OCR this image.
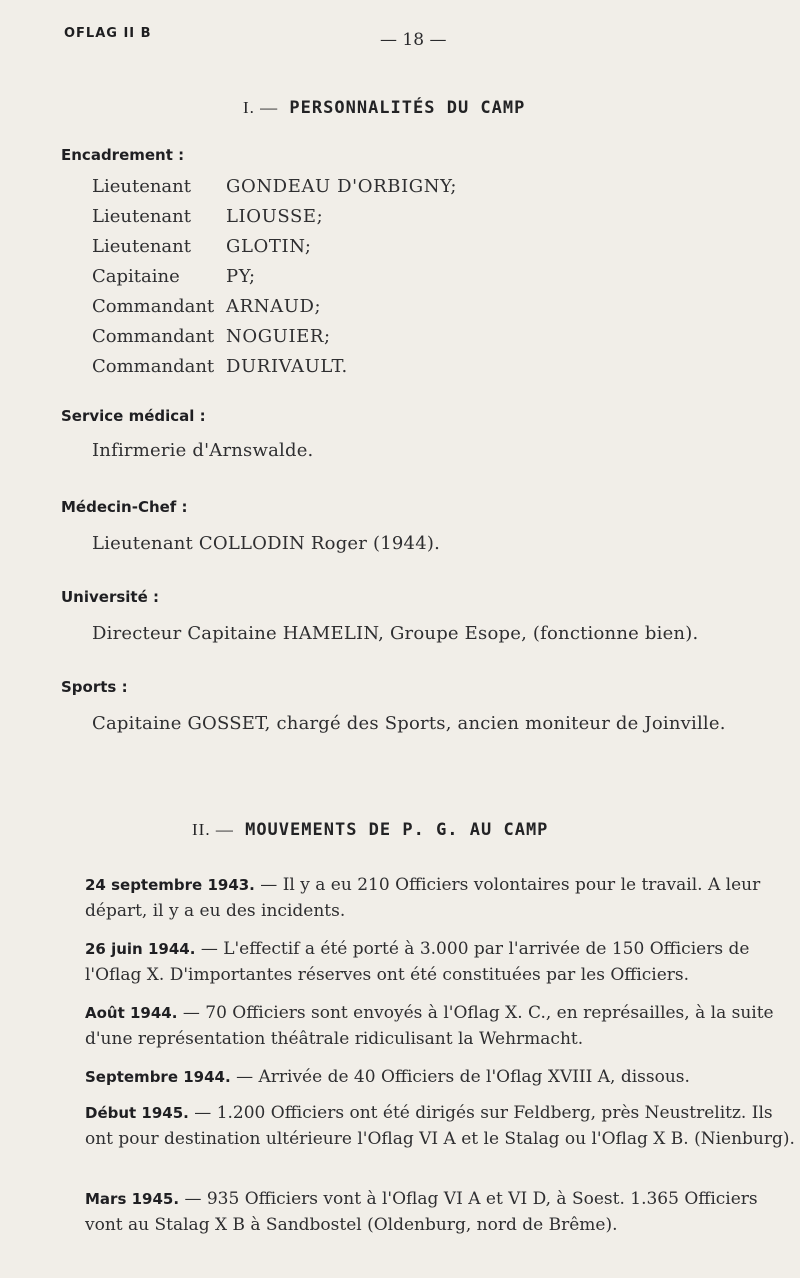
OFLAG II B	— 18 —
I. — PERSONNALITÉS DU CAMP
Encadrement :
Lieutenant GONDEAU D'ORBIGNY;
Lieutenant LIOUSSE;
Lieutenant GLOTIN;
Capitaine	PY;
Commandant ARNAUD;
Commandant NOGUIER;
Commandant DURIVAULT.
Service médical :
Infirmerie d'Arnswalde.
Médecin-Chef :
Lieutenant COLLODIN Roger (1944).
Université :
Directeur Capitaine HAMELIN, Groupe Esope, (fonctionne bien).
Sports :
Capitaine GOSSET, chargé des Sports, ancien moniteur de Joinville.
II. — MOUVEMENTS DE P. G. AU CAMP
24 septembre 1943. — Il y a eu 210 Officiers volontaires pour le travail. A leur départ, il y a eu des incidents.
26 juin 1944. — L'effectif a été porté à 3.000 par l'arrivée de 150 Officiers de l'Oflag X. D'importantes réserves ont été constituées par les Officiers.
Août 1944. — 70 Officiers sont envoyés à l'Oflag X. C., en représailles, à la suite d'une représentation théâtrale ridiculisant la Wehrmacht.
Septembre 1944. — Arrivée de 40 Officiers de l'Oflag XVIII A, dissous.
Début 1945. — 1.200 Officiers ont été dirigés sur Feldberg, près Neustrelitz. Ils ont pour destination ultérieure l'Oflag VI A et le Stalag ou l'Oflag X B. (Nienburg).
Mars 1945. — 935 Officiers vont à l'Oflag VI A et VI D, à Soest. 1.365 Officiers vont au Stalag X B à Sandbostel (Oldenburg, nord de Brême).
